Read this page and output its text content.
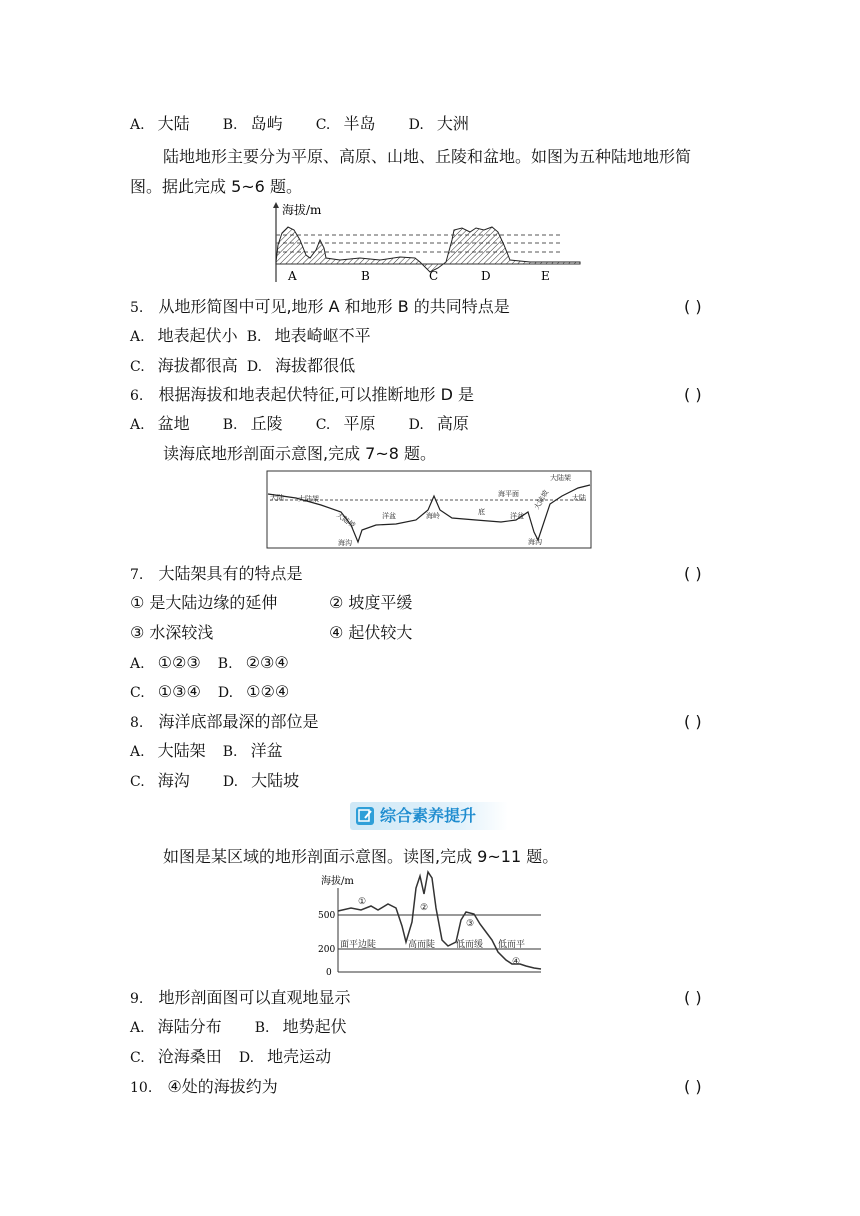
A. 大陆 B. 岛屿 C. 半岛 D. 大洲
陆地地形主要分为平原、高原、山地、丘陵和盆地。如图为五种陆地地形简
图。据此完成 5~6 题。
海拔/m
A	B	C	D	E
5. 从地形简图中可见,地形 A 和地形 B 的共同特点是	( )
A. 地表起伏小 B. 地表崎岖不平
C. 海拔都很高 D. 海拔都很低
6. 根据海拔和地表起伏特征,可以推断地形 D 是	( )
A. 盆地 B. 丘陵 C. 平原 D. 高原
读海底地形剖面示意图,完成 7~8 题。
大陆 大陆架
大陆坡	洋盆	海岭	底	洋盆
海平面
大陆架
大陆坡	大陆
海沟	海沟
7. 大陆架具有的特点是	( )
① 是大陆边缘的延伸	② 坡度平缓
③ 水深较浅	④ 起伏较大
A. ①②③ B. ②③④
C. ①③④ D. ①②④
8. 海洋底部最深的部位是	( )
A. 大陆架 B. 洋盆
C. 海沟 D. 大陆坡
综合素养提升
如图是某区域的地形剖面示意图。读图,完成 9~11 题。
海拔/m
500
200
0
①
②
③
④
面平边陡	高而陡 低而缓 低而平
9. 地形剖面图可以直观地显示	( )
A. 海陆分布 B. 地势起伏
C. 沧海桑田 D. 地壳运动
10. ④处的海拔约为	( )
